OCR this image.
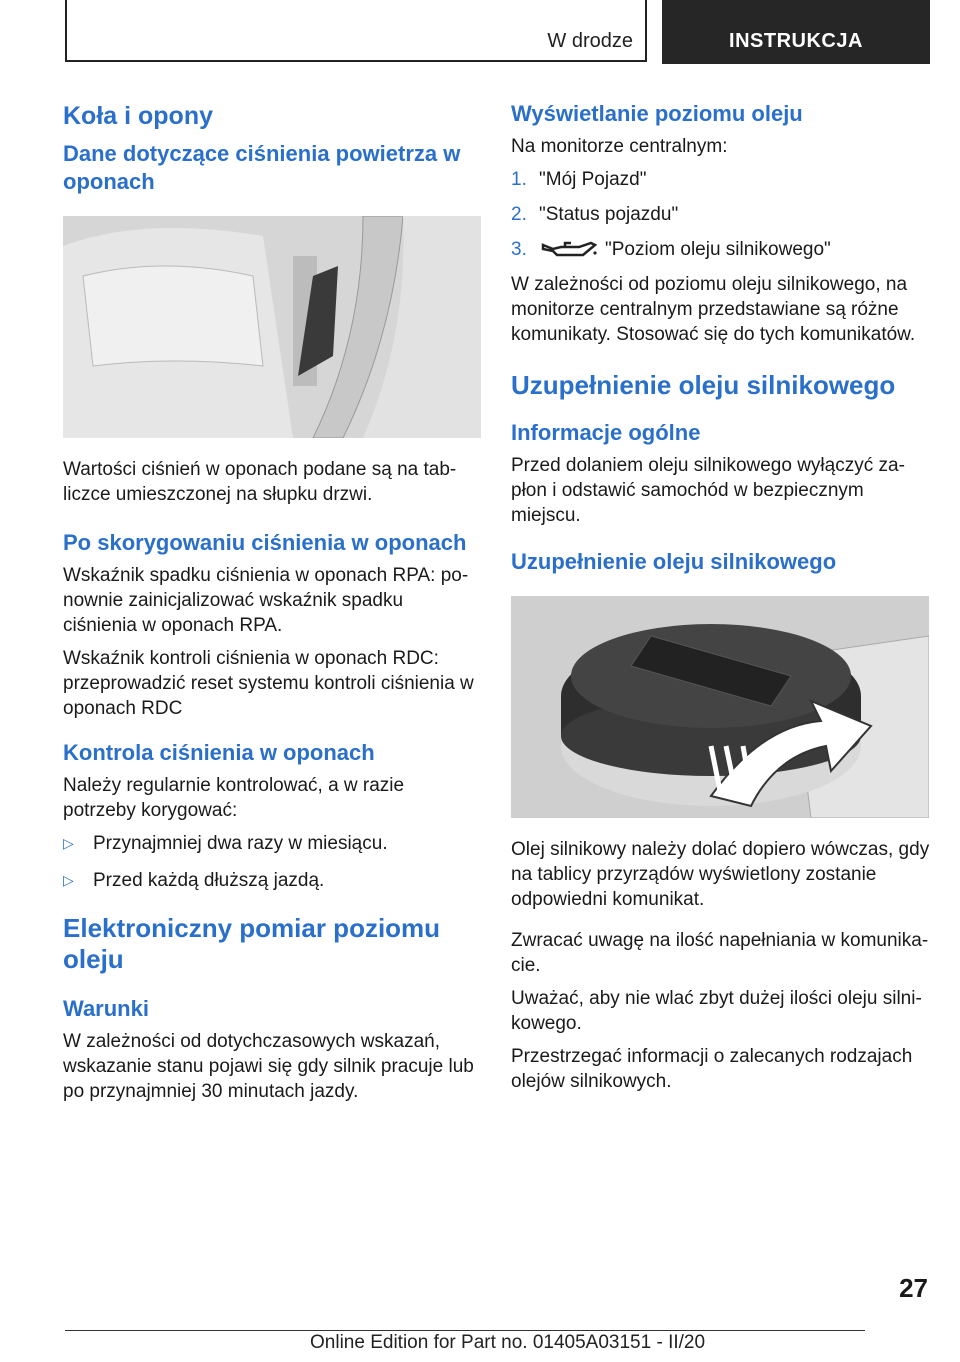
W drodze	INSTRUKCJA
Koła i opony
Dane dotyczące ciśnienia powietrza w oponach

Wartości ciśnień w oponach podane są na tab-liczce umieszczonej na słupku drzwi.

Po skorygowaniu ciśnienia w oponach

Wskaźnik spadku ciśnienia w oponach RPA: po-nownie zainicjalizować wskaźnik spadku ciśnienia w oponach RPA.

Wskaźnik kontroli ciśnienia w oponach RDC: przeprowadzić reset systemu kontroli ciśnienia w oponach RDC

Kontrola ciśnienia w oponach

Należy regularnie kontrolować, a w razie potrzeby korygować:

▷	Przynajmniej dwa razy w miesiącu.
▷	Przed każdą dłuższą jazdą.
Elektroniczny pomiar poziomu oleju
Warunki

W zależności od dotychczasowych wskazań, wskazanie stanu pojawi się gdy silnik pracuje lub po przynajmniej 30 minutach jazdy.

Wyświetlanie poziomu oleju

Na monitorze centralnym:

1. "Mój Pojazd"
2. "Status pojazdu"
3.	"Poziom oleju silnikowego"

W zależności od poziomu oleju silnikowego, na monitorze centralnym przedstawiane są różne komunikaty. Stosować się do tych komunikatów.

Uzupełnienie oleju silnikowego
Informacje ogólne

Przed dolaniem oleju silnikowego wyłączyć za-płon i odstawić samochód w bezpiecznym miejscu.

Uzupełnienie oleju silnikowego

Olej silnikowy należy dolać dopiero wówczas, gdy na tablicy przyrządów wyświetlony zostanie odpowiedni komunikat.

Zwracać uwagę na ilość napełniania w komunika-cie.

Uważać, aby nie wlać zbyt dużej ilości oleju silni-kowego.

Przestrzegać informacji o zalecanych rodzajach olejów silnikowych.

27
Online Edition for Part no. 01405A03151 - II/20
